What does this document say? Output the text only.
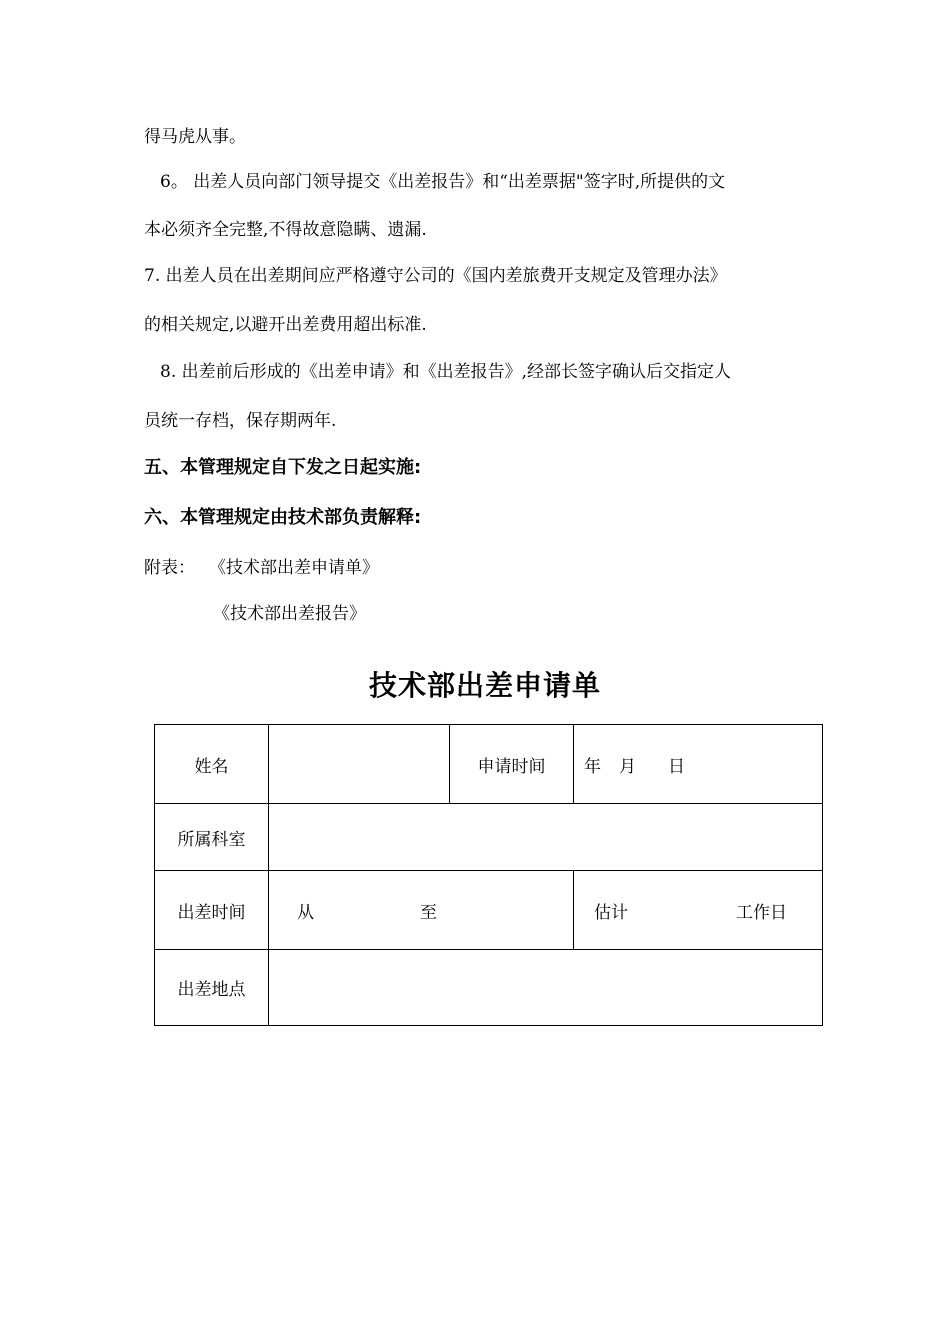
得马虎从事。
6。 出差人员向部门领导提交《出差报告》和“出差票据"签字时,所提供的文
本必须齐全完整,不得故意隐瞒、遗漏.
7. 出差人员在出差期间应严格遵守公司的《国内差旅费开支规定及管理办法》
的相关规定,以避开出差费用超出标准.
8. 出差前后形成的《出差申请》和《出差报告》,经部长签字确认后交指定人
员统一存档，保存期两年.
五、本管理规定自下发之日起实施:
六、本管理规定由技术部负责解释:
附表： 《技术部出差申请单》
《技术部出差报告》
技术部出差申请单
姓名		申请时间	年 月 日
所属科室			
出差时间	从 至		估计 工作日
出差地点			
